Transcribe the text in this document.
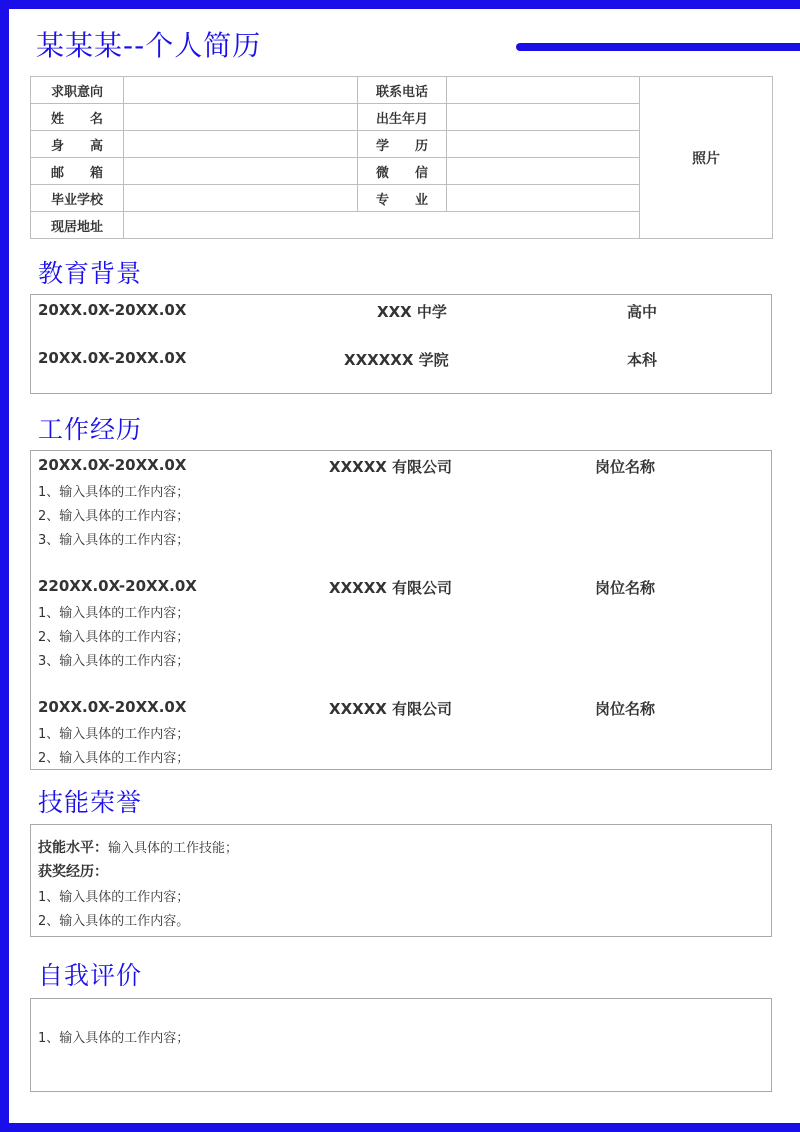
某某某--个人简历
求职意向		联系电话		照片
姓　　名		出生年月		
身　　高		学　　历		
邮　　箱		微　　信		
毕业学校		专　　业		
现居地址				
教育背景
20XX.0X-20XX.0X	XXX 中学	高中
20XX.0X-20XX.0X	XXXXXX 学院	本科
工作经历
20XX.0X-20XX.0X	XXXXX 有限公司	岗位名称
1、输入具体的工作内容；
2、输入具体的工作内容；
3、输入具体的工作内容；
220XX.0X-20XX.0X	XXXXX 有限公司	岗位名称
1、输入具体的工作内容；
2、输入具体的工作内容；
3、输入具体的工作内容；
20XX.0X-20XX.0X	XXXXX 有限公司	岗位名称
1、输入具体的工作内容；
2、输入具体的工作内容；
技能荣誉
技能水平：输入具体的工作技能；
获奖经历：
1、输入具体的工作内容；
2、输入具体的工作内容。
自我评价
1、输入具体的工作内容；
